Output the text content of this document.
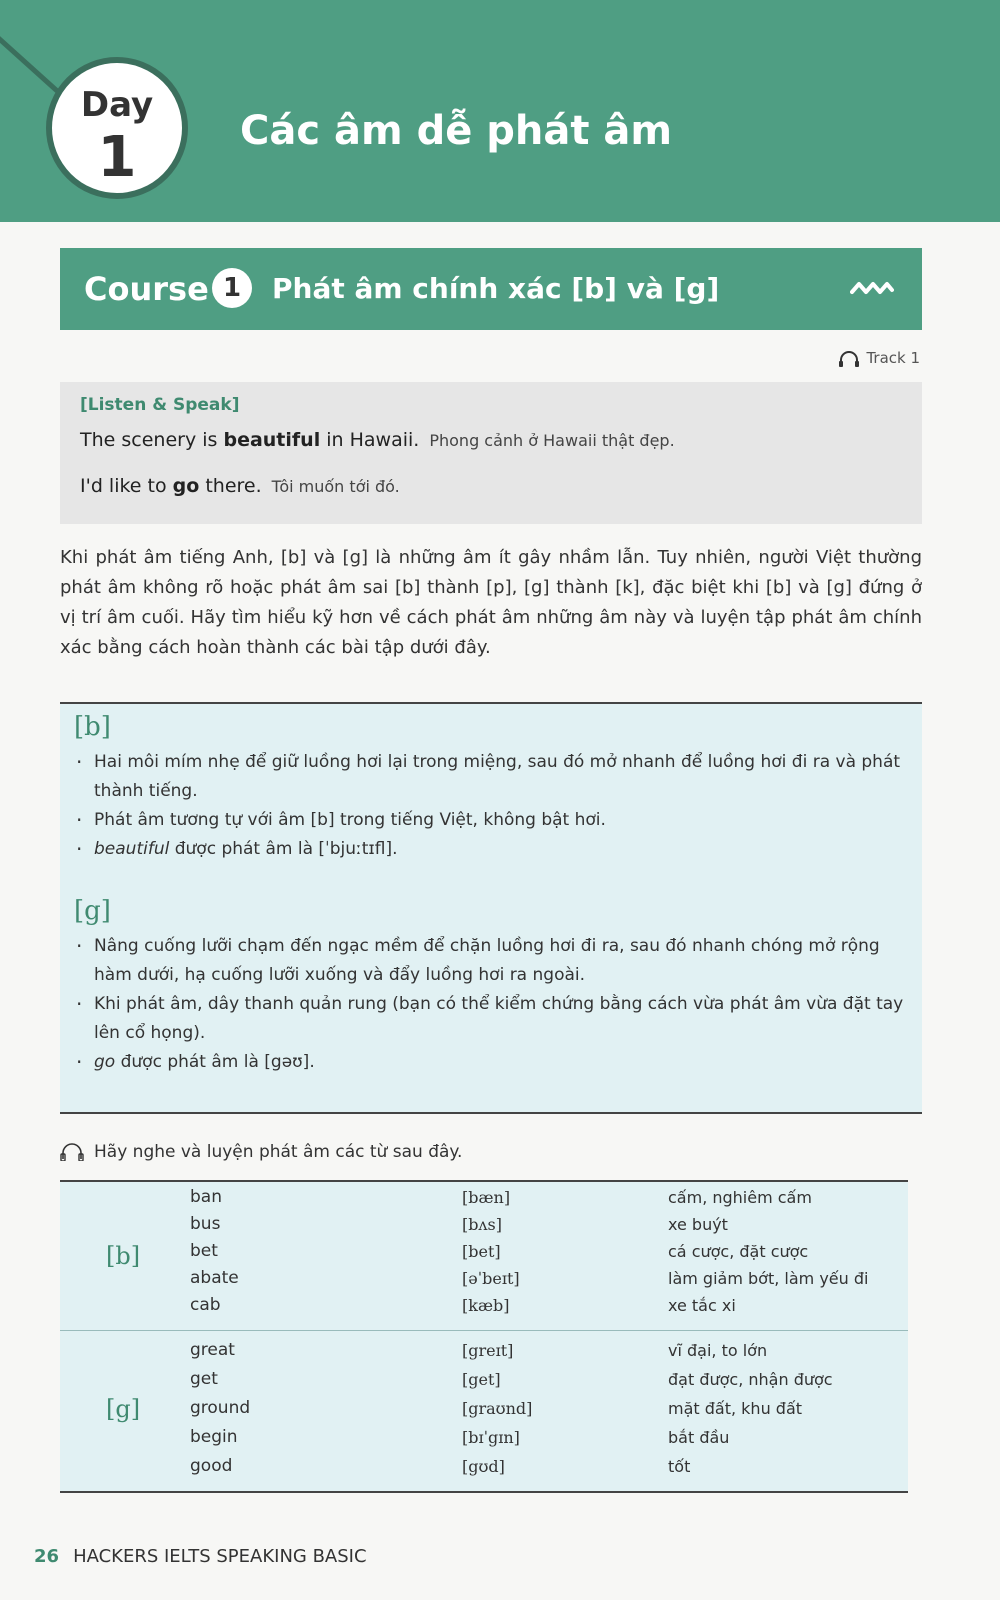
Day
1	Các âm dễ phát âm
Course 1	Phát âm chính xác [b] và [g]
Track 1
[Listen & Speak]
The scenery is beautiful in Hawaii. Phong cảnh ở Hawaii thật đẹp.
I'd like to go there. Tôi muốn tới đó.
Khi phát âm tiếng Anh, [b] và [g] là những âm ít gây nhầm lẫn. Tuy nhiên, người Việt thường phát âm không rõ hoặc phát âm sai [b] thành [p], [g] thành [k], đặc biệt khi [b] và [g] đứng ở vị trí âm cuối. Hãy tìm hiểu kỹ hơn về cách phát âm những âm này và luyện tập phát âm chính xác bằng cách hoàn thành các bài tập dưới đây.
[b]
· Hai môi mím nhẹ để giữ luồng hơi lại trong miệng, sau đó mở nhanh để luồng hơi đi ra và phát thành tiếng.
· Phát âm tương tự với âm [b] trong tiếng Việt, không bật hơi.
· beautiful được phát âm là [ˈbjuːtɪfl].
[g]
· Nâng cuống lưỡi chạm đến ngạc mềm để chặn luồng hơi đi ra, sau đó nhanh chóng mở rộng hàm dưới, hạ cuống lưỡi xuống và đẩy luồng hơi ra ngoài.
· Khi phát âm, dây thanh quản rung (bạn có thể kiểm chứng bằng cách vừa phát âm vừa đặt tay lên cổ họng).
· go được phát âm là [gəʊ].
Hãy nghe và luyện phát âm các từ sau đây.
[b]
ban	[bæn]	cấm, nghiêm cấm
bus	[bʌs]	xe buýt
bet	[bet]	cá cược, đặt cược
abate	[əˈbeɪt]	làm giảm bớt, làm yếu đi
cab	[kæb]	xe tắc xi
[g]
great	[greɪt]	vĩ đại, to lớn
get	[get]	đạt được, nhận được
ground	[graʊnd]	mặt đất, khu đất
begin	[bɪˈgɪn]	bắt đầu
good	[gʊd]	tốt
26 HACKERS IELTS SPEAKING BASIC
